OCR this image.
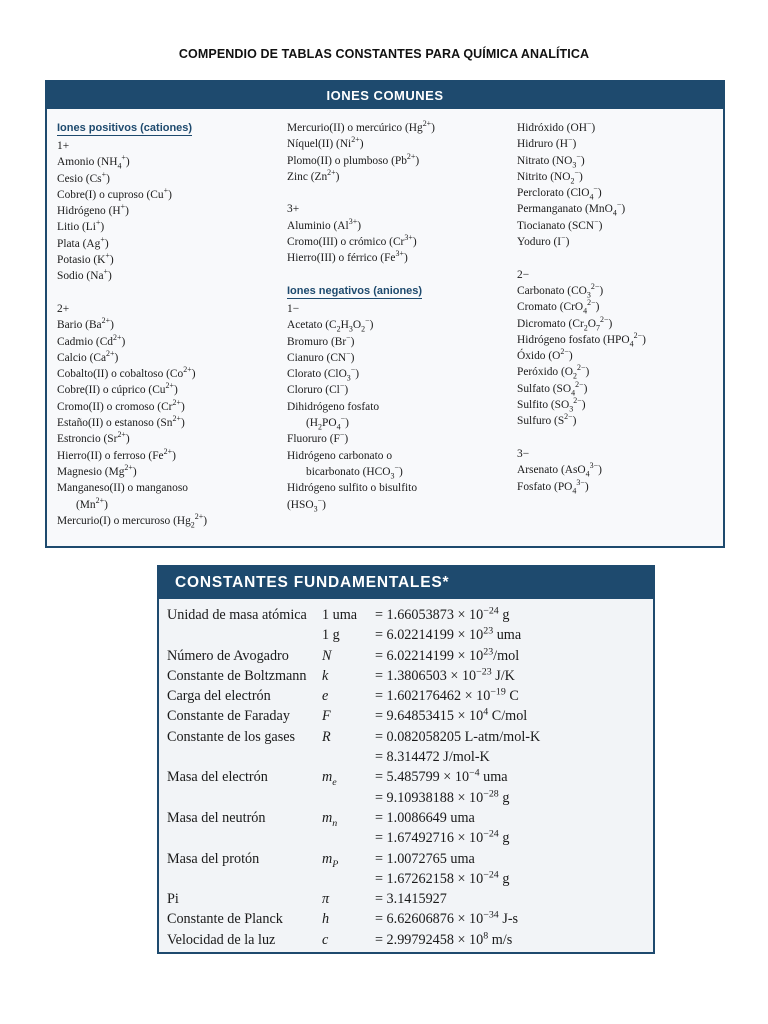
COMPENDIO DE TABLAS CONSTANTES PARA QUÍMICA ANALÍTICA
IONES COMUNES
Iones positivos (cationes)
1+
Amonio $(NH_4^+)$
Cesio (Cs+)
Cobre(I) o cuproso (Cu+)
Hidrógeno (H+)
Litio (Li+)
Plata (Ag+)
Potasio (K+)
Sodio (Na+)
2+
Bario $(Ba^{2+})$
Cadmio $(Cd^{2+})$
Calcio $(Ca^{2+})$
Cobalto(II) o cobaltoso $(Co^{2+})$
Cobre(II) o cúprico $(Cu^{2+})$
Cromo(II) o cromoso $(Cr^{2+})$
Estaño(II) o estanoso $(Sn^{2+})$
Estroncio $(Sr^{2+})$
Hierro(II) o ferroso $(Fe^{2+})$
Magnesio $(Mg^{2+})$
Manganeso(II) o manganoso
$(Mn^{2+})$
Mercurio(I) o mercuroso $(Hg_2^{2+})$
Mercurio(II) o mercúrico $(Hg^{2+})$
Níquel(II) $(Ni^{2+})$
Plomo(II) o plumboso $(Pb^{2+})$
Zinc $(Zn^{2+})$
3+
Aluminio $(Al^{3+})$
Cromo(III) o crómico $(Cr^{3+})$
Hierro(III) o férrico $(Fe^{3+})$
Iones negativos (aniones)
1−
Acetato $(C_2H_3O_2^-)$
Bromuro (Br−)
Cianuro (CN−)
Clorato (ClO$_3$−)
Cloruro (Cl−)
Dihidrógeno fosfato
$(H_2PO_4^-)$
Fluoruro (F−)
Hidrógeno carbonato o
bicarbonato $(HCO_3^-)$
Hidrógeno sulfito o bisulfito
$(HSO_3^-)$
Hidróxido (OH−)
Hidruro (H−)
Nitrato $(NO_3^-)$
Nitrito $(NO_2^-)$
Perclorato (ClO$_4$−)
Permanganato (MnO$_4$−)
Tiocianato (SCN−)
Yoduro (I−)
2−
Carbonato $(CO_3^{2-})$
Cromato (CrO$_4^{2-}$)
Dicromato $(Cr_2O_7^{2-})$
Hidrógeno fosfato $(HPO_4^{2-})$
Óxido $(O^{2-})$
Peróxido $(O_2^{2-})$
Sulfato $(SO_4^{2-})$
Sulfito $(SO_3^{2-})$
Sulfuro $(S^{2-})$
3−
Arsenato (AsO$_4^{3-}$)
Fosfato $(PO_4^{3-})$
CONSTANTES FUNDAMENTALES*
Unidad de masa atómica 1 uma = $1.66053873 \times 10^{-24}$ g
1 $g = 6.02214199 \times 10^{23}$ uma
Número de Avogadro N	= $6.02214199 \times 10^{23}$/mol
Constante de Boltzmann k	= $1.3806503 \times 10^{-23}$ J/K
Carga del electrón	e	= $1.602176462 \times 10^{-19}$ C
Constante de Faraday F	= $9.64853415 \times 10^4$ C/mol
Constante de los gases R	= 0.082058205 L-atm/mol-K
= 8.314472 J/mol-K
Masa del electrón	$m_e$	= $5.485799 \times 10^{-4}$ uma
= $9.10938188 \times 10^{-28}$ g
Masa del neutrón	$m_n$	= 1.0086649 uma
= $1.67492716 \times 10^{-24}$ g
Masa del protón	$m_P$	= 1.0072765 uma
= $1.67262158 \times 10^{-24}$ g
Pi	π	= 3.1415927
Constante de Planck	h	= $6.62606876 \times 10^{-34}$ J-s
Velocidad de la luz	c	= $2.99792458 \times 10^8$ m/s
